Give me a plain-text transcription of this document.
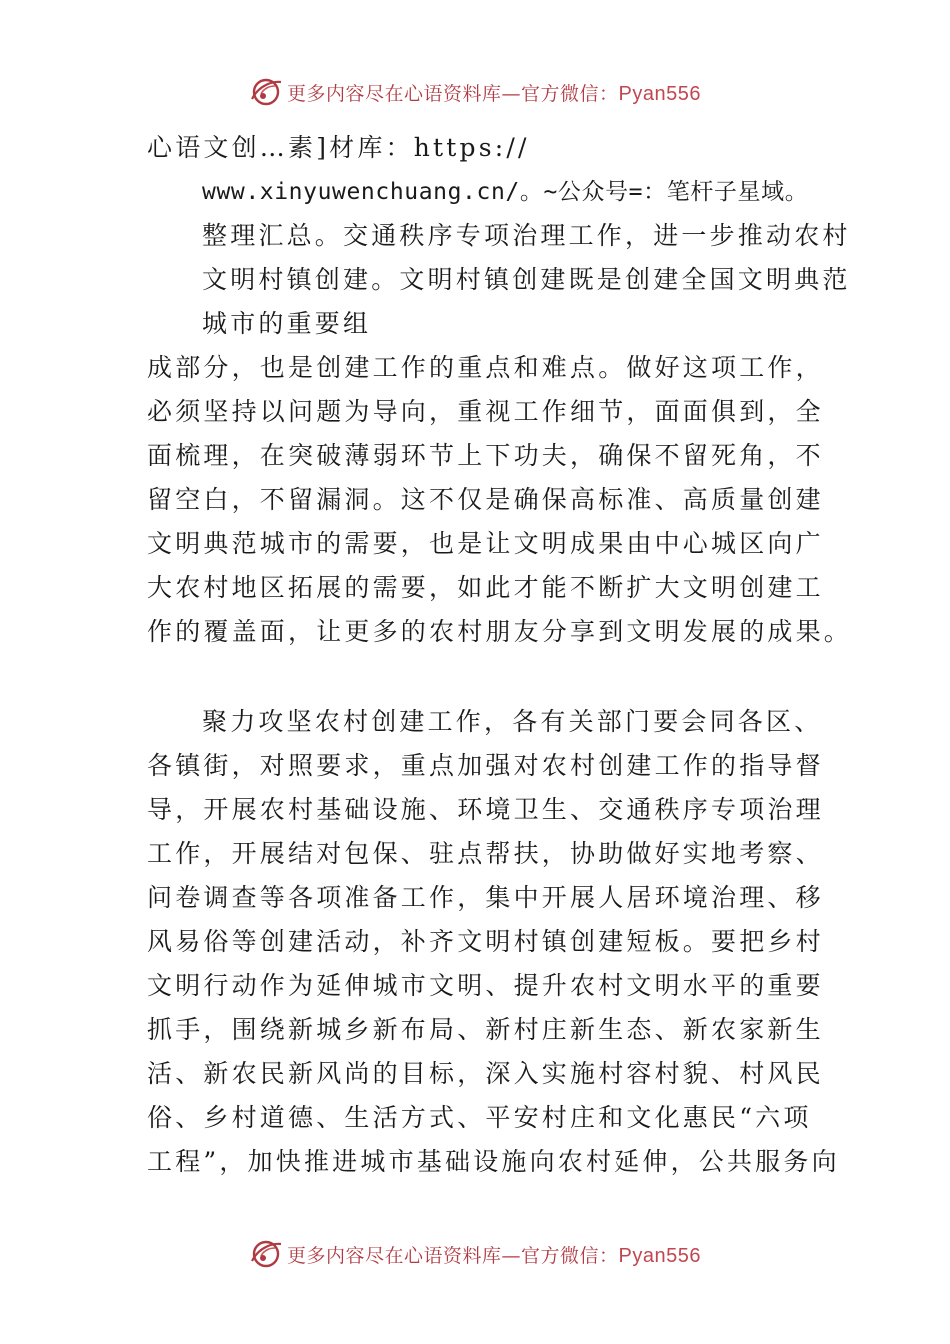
更多内容尽在心语资料库—官方微信：Pyan556
心语文创…素]材库：https://
www.xinyuwenchuang.cn/。~公众号=：笔杆子星域。
整理汇总。交通秩序专项治理工作，进一步推动农村
文明村镇创建。文明村镇创建既是创建全国文明典范
城市的重要组
成部分，也是创建工作的重点和难点。做好这项工作，
必须坚持以问题为导向，重视工作细节，面面俱到，全
面梳理，在突破薄弱环节上下功夫，确保不留死角，不
留空白，不留漏洞。这不仅是确保高标准、高质量创建
文明典范城市的需要，也是让文明成果由中心城区向广
大农村地区拓展的需要，如此才能不断扩大文明创建工
作的覆盖面，让更多的农村朋友分享到文明发展的成果。
聚力攻坚农村创建工作，各有关部门要会同各区、
各镇街，对照要求，重点加强对农村创建工作的指导督
导，开展农村基础设施、环境卫生、交通秩序专项治理
工作，开展结对包保、驻点帮扶，协助做好实地考察、
问卷调查等各项准备工作，集中开展人居环境治理、移
风易俗等创建活动，补齐文明村镇创建短板。要把乡村
文明行动作为延伸城市文明、提升农村文明水平的重要
抓手，围绕新城乡新布局、新村庄新生态、新农家新生
活、新农民新风尚的目标，深入实施村容村貌、村风民
俗、乡村道德、生活方式、平安村庄和文化惠民“六项
工程”，加快推进城市基础设施向农村延伸，公共服务向
更多内容尽在心语资料库—官方微信：Pyan556
